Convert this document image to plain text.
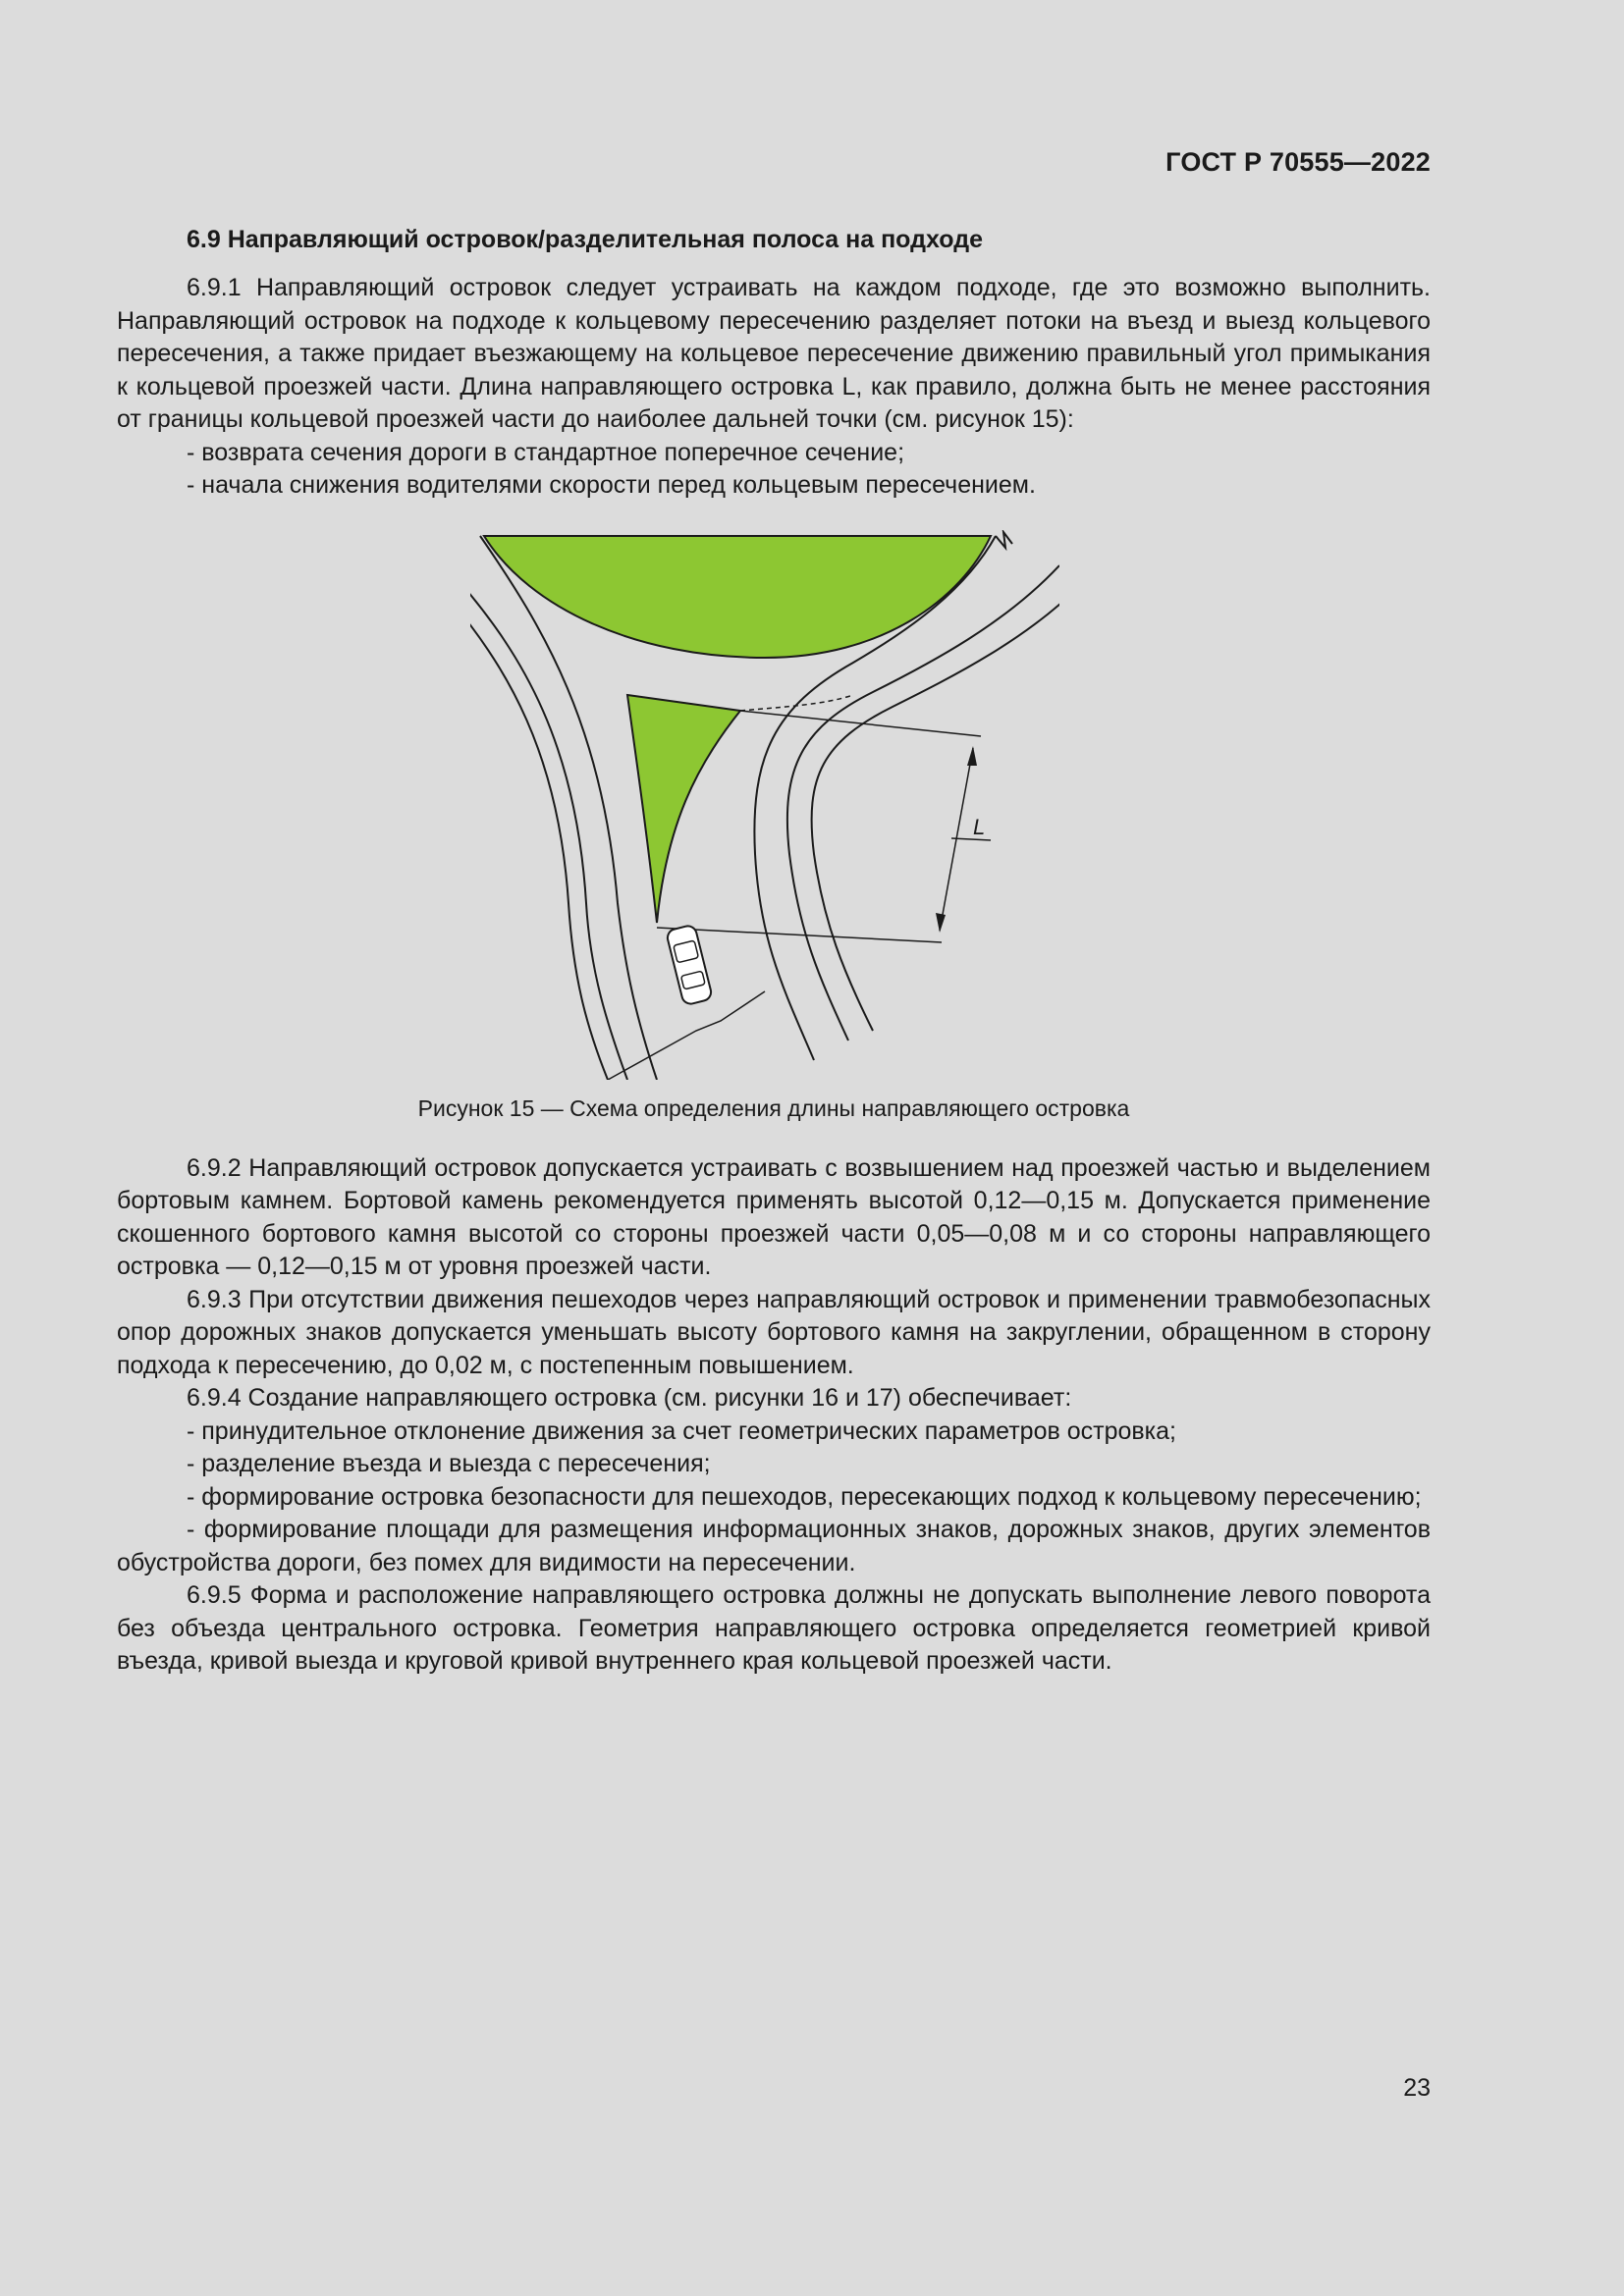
ГОСТ Р 70555—2022
6.9 Направляющий островок/разделительная полоса на подходе

6.9.1 Направляющий островок следует устраивать на каждом подходе, где это возможно выполнить. Направляющий островок на подходе к кольцевому пересечению разделяет потоки на въезд и выезд кольцевого пересечения, а также придает въезжающему на кольцевое пересечение движению правильный угол примыкания к кольцевой проезжей части. Длина направляющего островка L, как правило, должна быть не менее расстояния от границы кольцевой проезжей части до наиболее дальней точки (см. рисунок 15):

- возврата сечения дороги в стандартное поперечное сечение;

- начала снижения водителями скорости перед кольцевым пересечением.

L
Рисунок 15 — Схема определения длины направляющего островка

6.9.2 Направляющий островок допускается устраивать с возвышением над проезжей частью и выделением бортовым камнем. Бортовой камень рекомендуется применять высотой 0,12—0,15 м. Допускается применение скошенного бортового камня высотой со стороны проезжей части 0,05—0,08 м и со стороны направляющего островка — 0,12—0,15 м от уровня проезжей части.

6.9.3 При отсутствии движения пешеходов через направляющий островок и применении травмобезопасных опор дорожных знаков допускается уменьшать высоту бортового камня на закруглении, обращенном в сторону подхода к пересечению, до 0,02 м, с постепенным повышением.

6.9.4 Создание направляющего островка (см. рисунки 16 и 17) обеспечивает:

- принудительное отклонение движения за счет геометрических параметров островка;

- разделение въезда и выезда с пересечения;

- формирование островка безопасности для пешеходов, пересекающих подход к кольцевому пересечению;

- формирование площади для размещения информационных знаков, дорожных знаков, других элементов обустройства дороги, без помех для видимости на пересечении.

6.9.5 Форма и расположение направляющего островка должны не допускать выполнение левого поворота без объезда центрального островка. Геометрия направляющего островка определяется геометрией кривой въезда, кривой выезда и круговой кривой внутреннего края кольцевой проезжей части.

23
